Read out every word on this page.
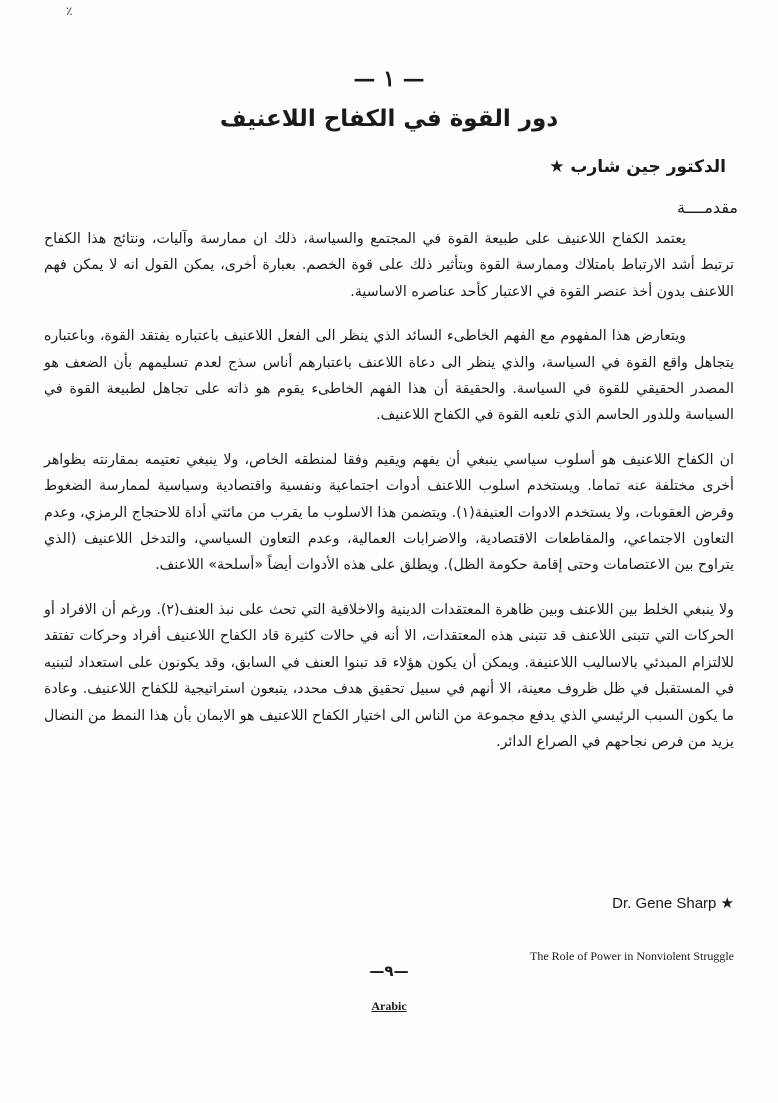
٪
— ١ —
دور القوة في الكفاح اللاعنيف
الدكتور جين شارب ★
مقدمــــة

يعتمد الكفاح اللاعنيف على طبيعة القوة في المجتمع والسياسة، ذلك ان ممارسة وآليات، ونتائج هذا الكفاح ترتبط أشد الارتباط بامتلاك وممارسة القوة وبتأثير ذلك على قوة الخصم. بعبارة أخرى، يمكن القول انه لا يمكن فهم اللاعنف بدون أخذ عنصر القوة في الاعتبار كأحد عناصره الاساسية.

ويتعارض هذا المفهوم مع الفهم الخاطىء السائد الذي ينظر الى الفعل اللاعنيف باعتباره يفتقد القوة، وباعتباره يتجاهل واقع القوة في السياسة، والذي ينظر الى دعاة اللاعنف باعتبارهم أناس سذج لعدم تسليمهم بأن الضعف هو المصدر الحقيقي للقوة في السياسة. والحقيقة أن هذا الفهم الخاطىء يقوم هو ذاته على تجاهل لطبيعة القوة في السياسة وللدور الحاسم الذي تلعبه القوة في الكفاح اللاعنيف.

ان الكفاح اللاعنيف هو أسلوب سياسي ينبغي أن يفهم ويقيم وفقا لمنطقه الخاص، ولا ينبغي تعتيمه بمقارنته بظواهر أخرى مختلفة عنه تماما. ويستخدم اسلوب اللاعنف أدوات اجتماعية ونفسية واقتصادية وسياسية لممارسة الضغوط وفرض العقوبات، ولا يستخدم الادوات العنيفة(١). ويتضمن هذا الاسلوب ما يقرب من مائتي أداة للاحتجاج الرمزي، وعدم التعاون الاجتماعي، والمقاطعات الاقتصادية، والاضرابات العمالية، وعدم التعاون السياسي، والتدخل اللاعنيف (الذي يتراوح بين الاعتصامات وحتى إقامة حكومة الظل). ويطلق على هذه الأدوات أيضاً «أسلحة» اللاعنف.

ولا ينبغي الخلط بين اللاعنف وبين ظاهرة المعتقدات الدينية والاخلاقية التي تحث على نبذ العنف(٢). ورغم أن الافراد أو الحركات التي تتبنى اللاعنف قد تتبنى هذه المعتقدات، الا أنه في حالات كثيرة قاد الكفاح اللاعنيف أفراد وحركات تفتقد للالتزام المبدئي بالاساليب اللاعنيفة. ويمكن أن يكون هؤلاء قد تبنوا العنف في السابق، وقد يكونون على استعداد لتبنيه في المستقبل في ظل ظروف معينة، الا أنهم في سبيل تحقيق هدف محدد، يتبعون استراتيجية للكفاح اللاعنيف. وعادة ما يكون السبب الرئيسي الذي يدفع مجموعة من الناس الى اختيار الكفاح اللاعنيف هو الايمان بأن هذا النمط من النضال يزيد من فرص نجاحهم في الصراع الدائر.

Dr. Gene Sharp ★
The Role of Power in Nonviolent Struggle
—٩—
Arabic
